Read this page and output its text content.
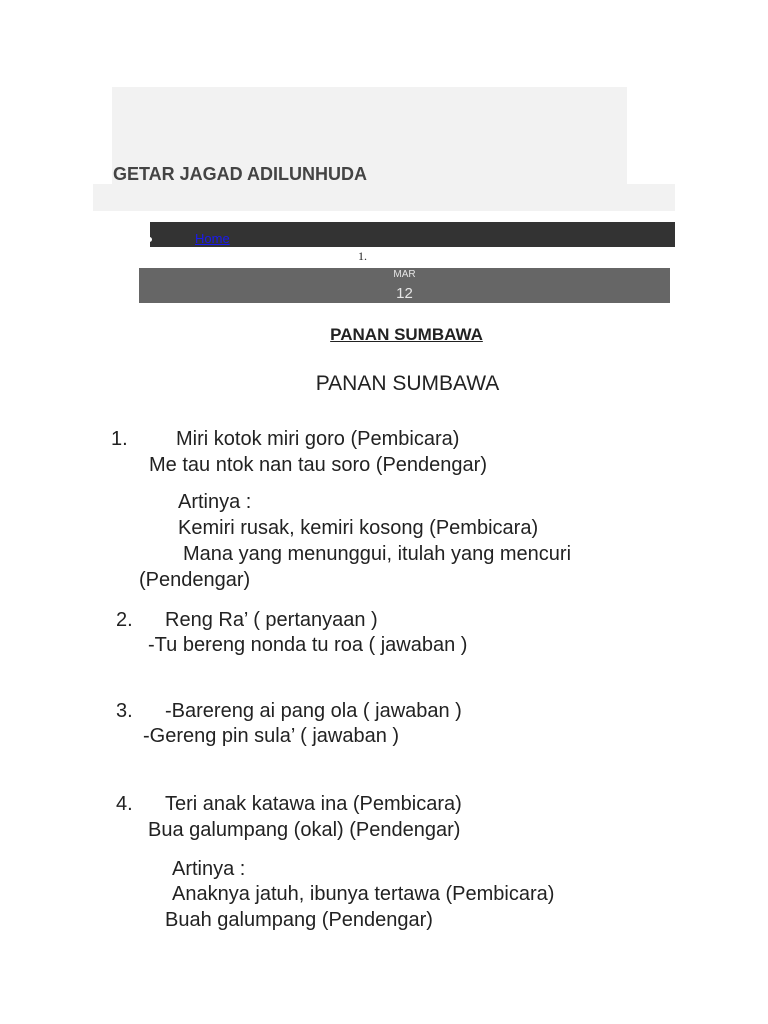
GETAR JAGAD ADILUNHUDA
Home
1.
MAR
12
PANAN SUMBAWA
PANAN SUMBAWA
1. Miri kotok miri goro (Pembicara)
Me tau ntok nan tau soro (Pendengar)
Artinya :
Kemiri rusak, kemiri kosong (Pembicara)
Mana yang menunggui, itulah yang mencuri
(Pendengar)
2. Reng Ra’ ( pertanyaan )
-Tu bereng nonda tu roa ( jawaban )
3. -Barereng ai pang ola ( jawaban )
-Gereng pin sula’ ( jawaban )
4. Teri anak katawa ina (Pembicara)
Bua galumpang (okal) (Pendengar)
Artinya :
Anaknya jatuh, ibunya tertawa (Pembicara)
Buah galumpang (Pendengar)
